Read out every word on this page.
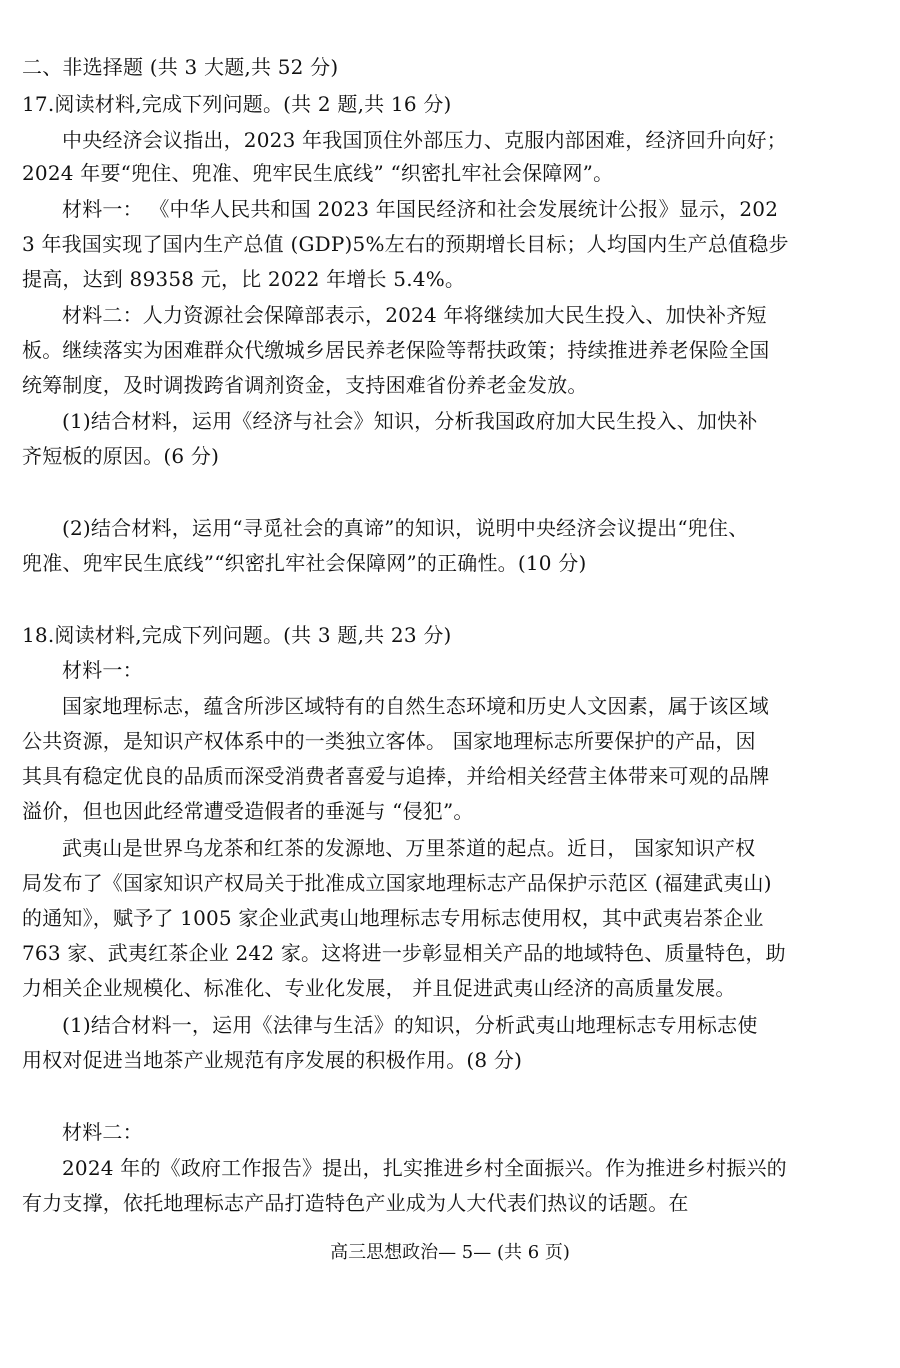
二、非选择题 (共 3 大题,共 52 分)
17.阅读材料,完成下列问题。(共 2 题,共 16 分)
中央经济会议指出，2023 年我国顶住外部压力、克服内部困难，经济回升向好；
2024 年要“兜住、兜准、兜牢民生底线” “织密扎牢社会保障网”。
材料一： 《中华人民共和国 2023 年国民经济和社会发展统计公报》显示，202
3 年我国实现了国内生产总值 (GDP)5%左右的预期增长目标；人均国内生产总值稳步
提高，达到 89358 元，比 2022 年增长 5.4%。
材料二：人力资源社会保障部表示，2024 年将继续加大民生投入、加快补齐短
板。继续落实为困难群众代缴城乡居民养老保险等帮扶政策；持续推进养老保险全国
统筹制度，及时调拨跨省调剂资金，支持困难省份养老金发放。
(1)结合材料，运用《经济与社会》知识，分析我国政府加大民生投入、加快补
齐短板的原因。(6 分)
(2)结合材料，运用“寻觅社会的真谛”的知识，说明中央经济会议提出“兜住、
兜准、兜牢民生底线”“织密扎牢社会保障网”的正确性。(10 分)
18.阅读材料,完成下列问题。(共 3 题,共 23 分)
材料一：
国家地理标志，蕴含所涉区域特有的自然生态环境和历史人文因素，属于该区域
公共资源，是知识产权体系中的一类独立客体。 国家地理标志所要保护的产品，因
其具有稳定优良的品质而深受消费者喜爱与追捧，并给相关经营主体带来可观的品牌
溢价，但也因此经常遭受造假者的垂涎与 “侵犯”。
武夷山是世界乌龙茶和红茶的发源地、万里茶道的起点。近日， 国家知识产权
局发布了《国家知识产权局关于批准成立国家地理标志产品保护示范区 (福建武夷山)
的通知》，赋予了 1005 家企业武夷山地理标志专用标志使用权，其中武夷岩茶企业
763 家、武夷红茶企业 242 家。这将进一步彰显相关产品的地域特色、质量特色，助
力相关企业规模化、标准化、专业化发展， 并且促进武夷山经济的高质量发展。
(1)结合材料一，运用《法律与生活》的知识，分析武夷山地理标志专用标志使
用权对促进当地茶产业规范有序发展的积极作用。(8 分)
材料二：
2024 年的《政府工作报告》提出，扎实推进乡村全面振兴。作为推进乡村振兴的
有力支撑，依托地理标志产品打造特色产业成为人大代表们热议的话题。在
高三思想政治— 5— (共 6 页)
